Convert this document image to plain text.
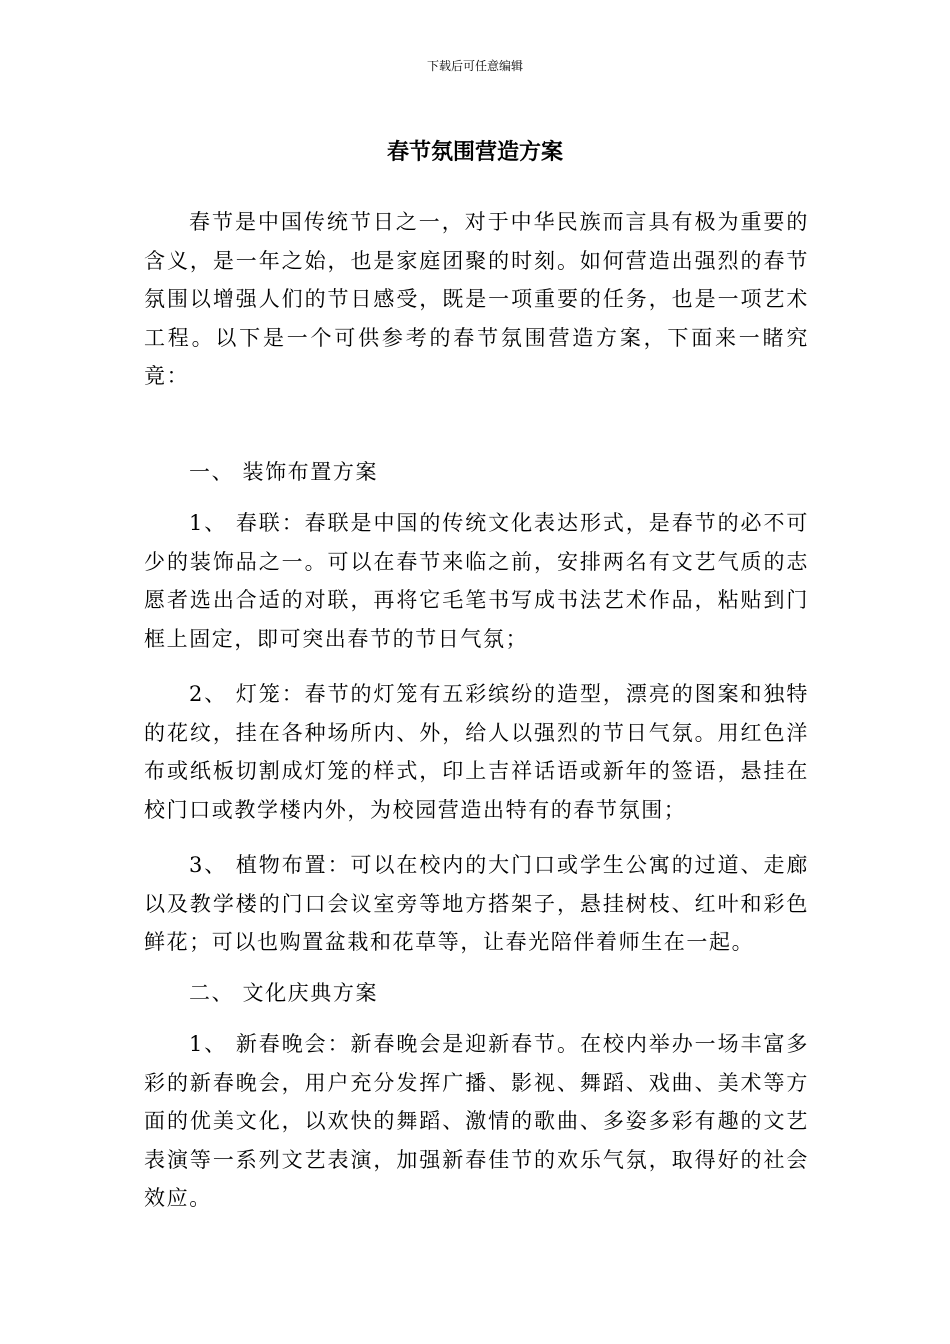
下载后可任意编辑
春节氛围营造方案

春节是中国传统节日之一，对于中华民族而言具有极为重要的含义，是一年之始，也是家庭团聚的时刻。如何营造出强烈的春节氛围以增强人们的节日感受，既是一项重要的任务，也是一项艺术工程。以下是一个可供参考的春节氛围营造方案，下面来一睹究竟：

一、 装饰布置方案

1、 春联：春联是中国的传统文化表达形式，是春节的必不可少的装饰品之一。可以在春节来临之前，安排两名有文艺气质的志愿者选出合适的对联，再将它毛笔书写成书法艺术作品，粘贴到门框上固定，即可突出春节的节日气氛；

2、 灯笼：春节的灯笼有五彩缤纷的造型，漂亮的图案和独特的花纹，挂在各种场所内、外，给人以强烈的节日气氛。用红色洋布或纸板切割成灯笼的样式，印上吉祥话语或新年的签语，悬挂在校门口或教学楼内外，为校园营造出特有的春节氛围；

3、 植物布置：可以在校内的大门口或学生公寓的过道、走廊以及教学楼的门口会议室旁等地方搭架子，悬挂树枝、红叶和彩色鲜花；可以也购置盆栽和花草等，让春光陪伴着师生在一起。

二、 文化庆典方案

1、 新春晚会：新春晚会是迎新春节。在校内举办一场丰富多彩的新春晚会，用户充分发挥广播、影视、舞蹈、戏曲、美术等方面的优美文化，以欢快的舞蹈、激情的歌曲、多姿多彩有趣的文艺表演等一系列文艺表演，加强新春佳节的欢乐气氛，取得好的社会效应。
